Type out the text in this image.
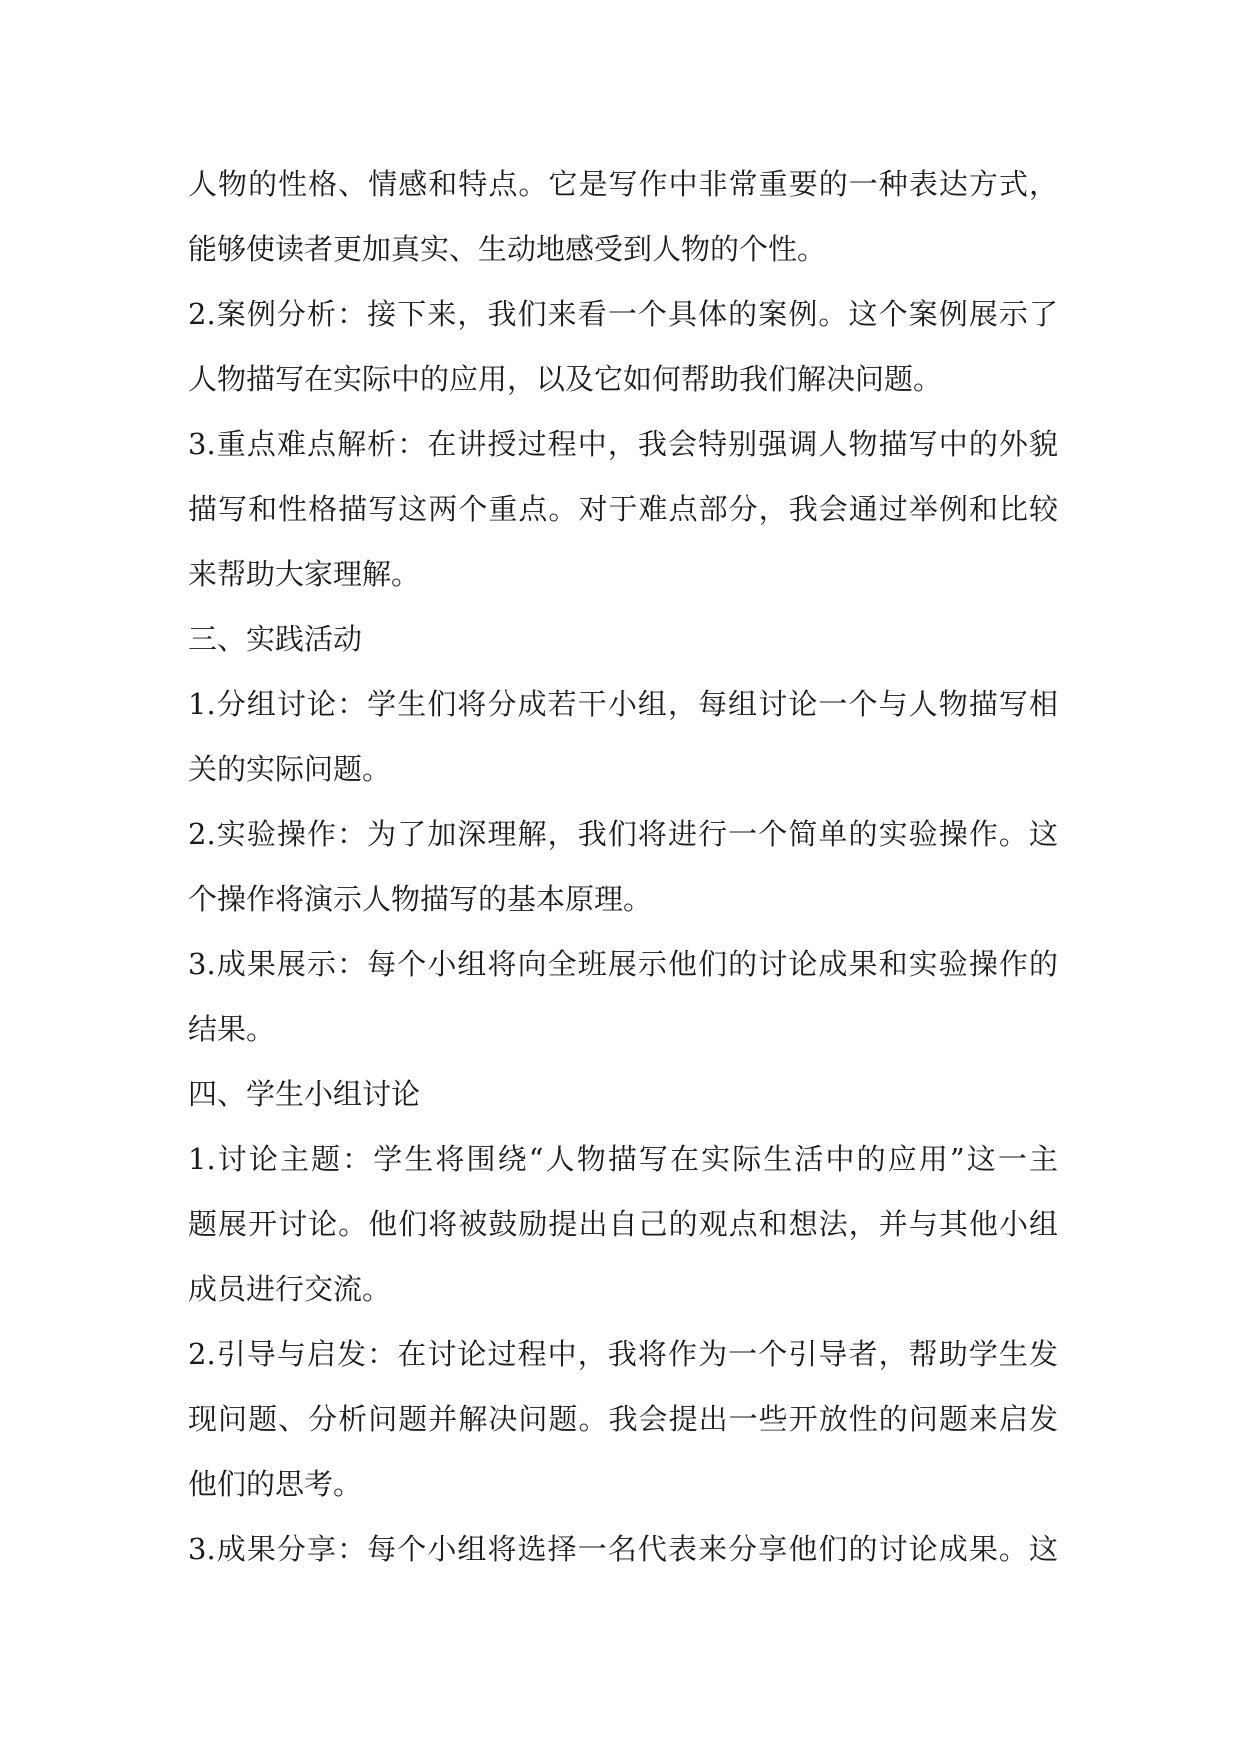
人物的性格、情感和特点。它是写作中非常重要的一种表达方式，
能够使读者更加真实、生动地感受到人物的个性。
2.案例分析：接下来，我们来看一个具体的案例。这个案例展示了
人物描写在实际中的应用，以及它如何帮助我们解决问题。
3.重点难点解析：在讲授过程中，我会特别强调人物描写中的外貌
描写和性格描写这两个重点。对于难点部分，我会通过举例和比较
来帮助大家理解。
三、实践活动
1.分组讨论：学生们将分成若干小组，每组讨论一个与人物描写相
关的实际问题。
2.实验操作：为了加深理解，我们将进行一个简单的实验操作。这
个操作将演示人物描写的基本原理。
3.成果展示：每个小组将向全班展示他们的讨论成果和实验操作的
结果。
四、学生小组讨论
1.讨论主题：学生将围绕“人物描写在实际生活中的应用”这一主
题展开讨论。他们将被鼓励提出自己的观点和想法，并与其他小组
成员进行交流。
2.引导与启发：在讨论过程中，我将作为一个引导者，帮助学生发
现问题、分析问题并解决问题。我会提出一些开放性的问题来启发
他们的思考。
3.成果分享：每个小组将选择一名代表来分享他们的讨论成果。这
